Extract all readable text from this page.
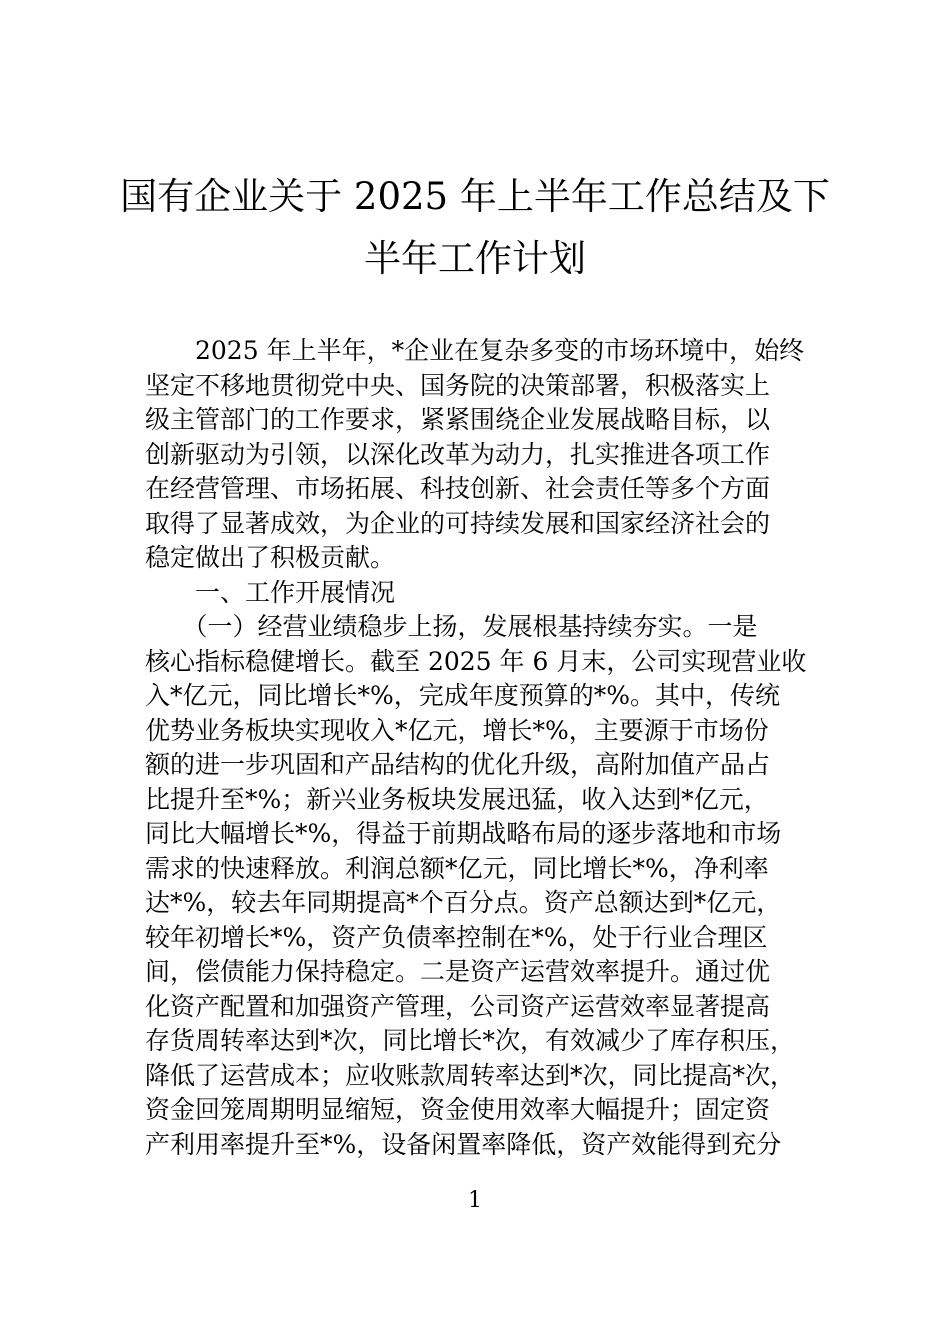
国有企业关于 2025 年上半年工作总结及下
半年工作计划
　　2025 年上半年，*企业在复杂多变的市场环境中，始终
坚定不移地贯彻党中央、国务院的决策部署，积极落实上
级主管部门的工作要求，紧紧围绕企业发展战略目标，以
创新驱动为引领，以深化改革为动力，扎实推进各项工作
在经营管理、市场拓展、科技创新、社会责任等多个方面
取得了显著成效，为企业的可持续发展和国家经济社会的
稳定做出了积极贡献。
　　一、工作开展情况
　　（一）经营业绩稳步上扬，发展根基持续夯实。一是
核心指标稳健增长。截至 2025 年 6 月末，公司实现营业收
入*亿元，同比增长*%，完成年度预算的*%。其中，传统
优势业务板块实现收入*亿元，增长*%，主要源于市场份
额的进一步巩固和产品结构的优化升级，高附加值产品占
比提升至*%；新兴业务板块发展迅猛，收入达到*亿元，
同比大幅增长*%，得益于前期战略布局的逐步落地和市场
需求的快速释放。利润总额*亿元，同比增长*%，净利率
达*%，较去年同期提高*个百分点。资产总额达到*亿元，
较年初增长*%，资产负债率控制在*%，处于行业合理区
间，偿债能力保持稳定。二是资产运营效率提升。通过优
化资产配置和加强资产管理，公司资产运营效率显著提高
存货周转率达到*次，同比增长*次，有效减少了库存积压，
降低了运营成本；应收账款周转率达到*次，同比提高*次，
资金回笼周期明显缩短，资金使用效率大幅提升；固定资
产利用率提升至*%，设备闲置率降低，资产效能得到充分
1
